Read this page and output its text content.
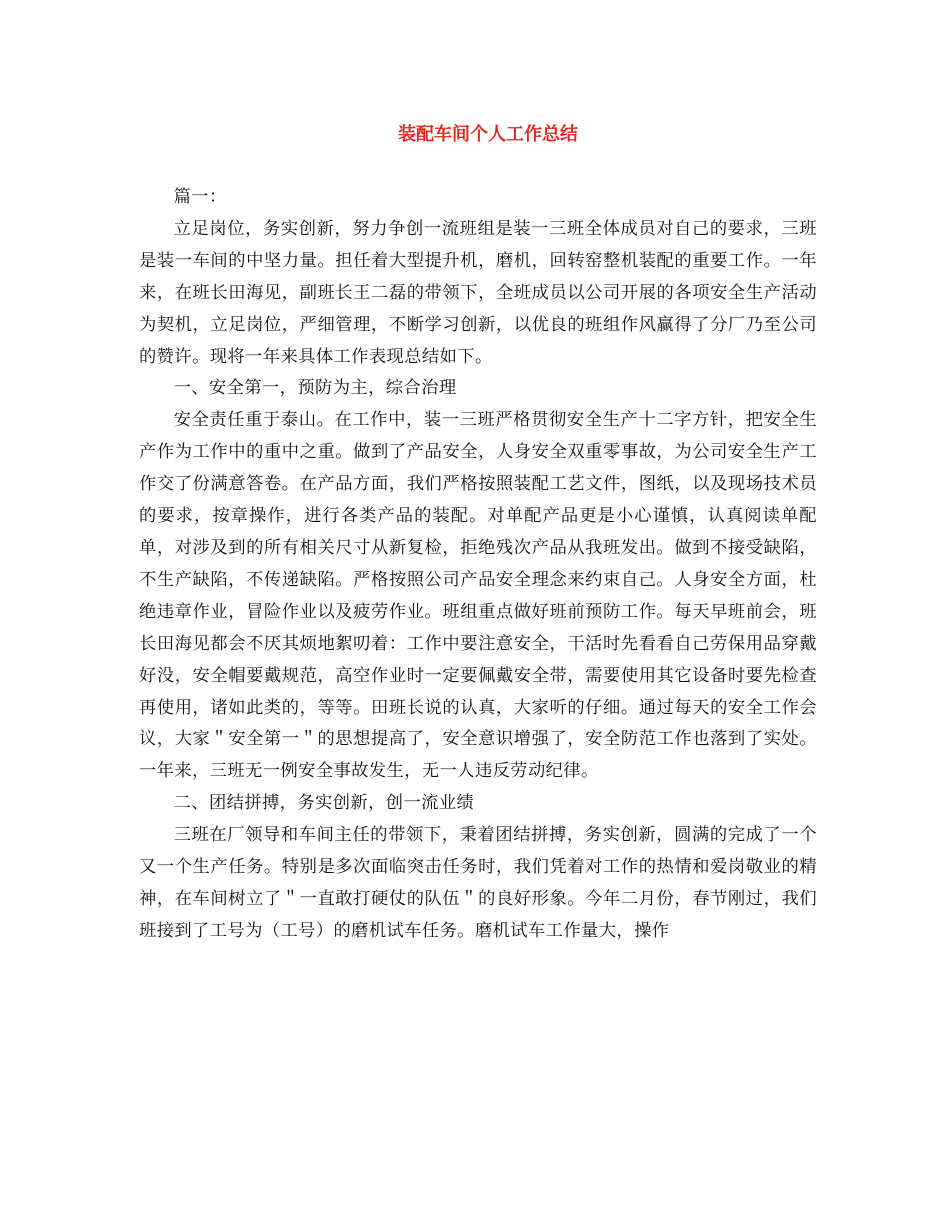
装配车间个人工作总结

篇一：

立足岗位，务实创新，努力争创一流班组是装一三班全体成员对自己的要求，三班是装一车间的中坚力量。担任着大型提升机，磨机，回转窑整机装配的重要工作。一年来，在班长田海见，副班长王二磊的带领下，全班成员以公司开展的各项安全生产活动为契机，立足岗位，严细管理，不断学习创新，以优良的班组作风赢得了分厂乃至公司的赞许。现将一年来具体工作表现总结如下。

一、安全第一，预防为主，综合治理

安全责任重于泰山。在工作中，装一三班严格贯彻安全生产十二字方针，把安全生产作为工作中的重中之重。做到了产品安全，人身安全双重零事故，为公司安全生产工作交了份满意答卷。在产品方面，我们严格按照装配工艺文件，图纸，以及现场技术员的要求，按章操作，进行各类产品的装配。对单配产品更是小心谨慎，认真阅读单配单，对涉及到的所有相关尺寸从新复检，拒绝残次产品从我班发出。做到不接受缺陷，不生产缺陷，不传递缺陷。严格按照公司产品安全理念来约束自己。人身安全方面，杜绝违章作业，冒险作业以及疲劳作业。班组重点做好班前预防工作。每天早班前会，班长田海见都会不厌其烦地絮叨着：工作中要注意安全，干活时先看看自己劳保用品穿戴好没，安全帽要戴规范，高空作业时一定要佩戴安全带，需要使用其它设备时要先检查再使用，诸如此类的，等等。田班长说的认真，大家听的仔细。通过每天的安全工作会议，大家＂安全第一＂的思想提高了，安全意识增强了，安全防范工作也落到了实处。一年来，三班无一例安全事故发生，无一人违反劳动纪律。

二、团结拼搏，务实创新，创一流业绩

三班在厂领导和车间主任的带领下，秉着团结拼搏，务实创新，圆满的完成了一个又一个生产任务。特别是多次面临突击任务时，我们凭着对工作的热情和爱岗敬业的精神，在车间树立了＂一直敢打硬仗的队伍＂的良好形象。今年二月份，春节刚过，我们班接到了工号为（工号）的磨机试车任务。磨机试车工作量大，操作
